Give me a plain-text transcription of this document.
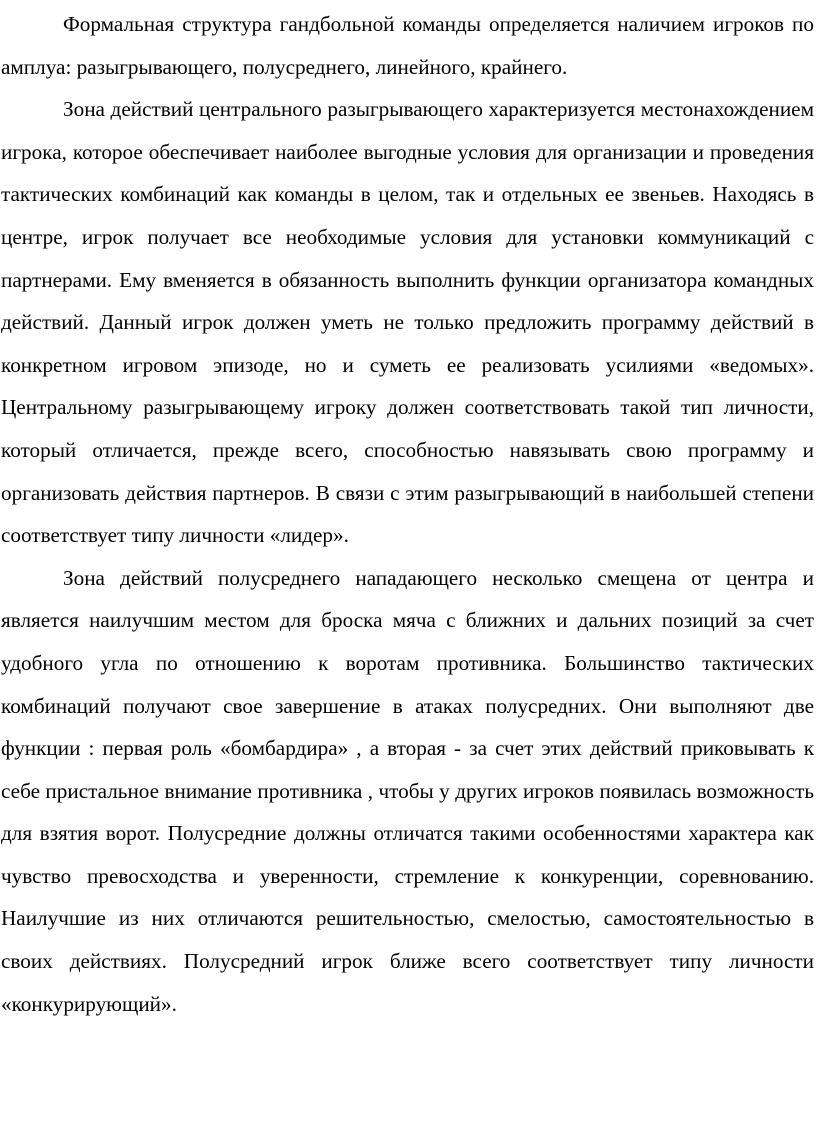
Формальная структура гандбольной команды определяется наличием игроков по амплуа: разыгрывающего, полусреднего, линейного, крайнего.

Зона действий центрального разыгрывающего характеризуется местонахождением игрока, которое обеспечивает наиболее выгодные условия для организации и проведения тактических комбинаций как команды в целом, так и отдельных ее звеньев. Находясь в центре, игрок получает все необходимые условия для установки коммуникаций с партнерами. Ему вменяется в обязанность выполнить функции организатора командных действий. Данный игрок должен уметь не только предложить программу действий в конкретном игровом эпизоде, но и суметь ее реализовать усилиями «ведомых». Центральному разыгрывающему игроку должен соответствовать такой тип личности, который отличается, прежде всего, способностью навязывать свою программу и организовать действия партнеров. В связи с этим разыгрывающий в наибольшей степени соответствует типу личности «лидер».

Зона действий полусреднего нападающего несколько смещена от центра и является наилучшим местом для броска мяча с ближних и дальних позиций за счет удобного угла по отношению к воротам противника. Большинство тактических комбинаций получают свое завершение в атаках полусредних. Они выполняют две функции : первая роль «бомбардира» , а вторая - за счет этих действий приковывать к себе пристальное внимание противника , чтобы у других игроков появилась возможность для взятия ворот. Полусредние должны отличатся такими особенностями характера как чувство превосходства и уверенности, стремление к конкуренции, соревнованию. Наилучшие из них отличаются решительностью, смелостью, самостоятельностью в своих действиях. Полусредний игрок ближе всего соответствует типу личности «конкурирующий».
